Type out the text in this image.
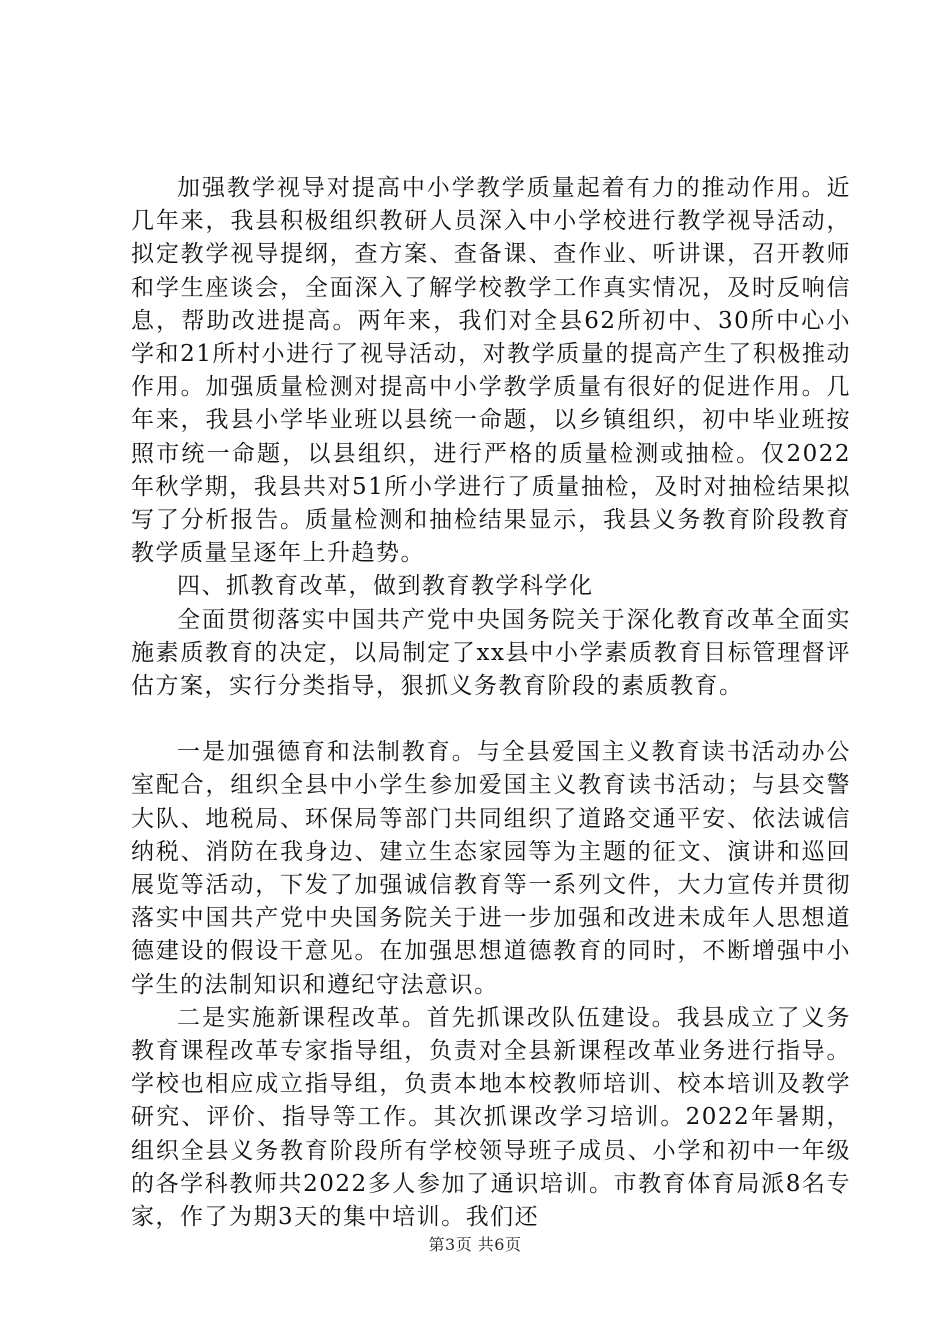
加强教学视导对提高中小学教学质量起着有力的推动作用。近几年来，我县积极组织教研人员深入中小学校进行教学视导活动，拟定教学视导提纲，查方案、查备课、查作业、听讲课，召开教师和学生座谈会，全面深入了解学校教学工作真实情况，及时反响信息，帮助改进提高。两年来，我们对全县62所初中、30所中心小学和21所村小进行了视导活动，对教学质量的提高产生了积极推动作用。加强质量检测对提高中小学教学质量有很好的促进作用。几年来，我县小学毕业班以县统一命题，以乡镇组织，初中毕业班按照市统一命题，以县组织，进行严格的质量检测或抽检。仅2022年秋学期，我县共对51所小学进行了质量抽检，及时对抽检结果拟写了分析报告。质量检测和抽检结果显示，我县义务教育阶段教育教学质量呈逐年上升趋势。

四、抓教育改革，做到教育教学科学化

全面贯彻落实中国共产党中央国务院关于深化教育改革全面实施素质教育的决定，以局制定了xx县中小学素质教育目标管理督评估方案，实行分类指导，狠抓义务教育阶段的素质教育。

一是加强德育和法制教育。与全县爱国主义教育读书活动办公室配合，组织全县中小学生参加爱国主义教育读书活动；与县交警大队、地税局、环保局等部门共同组织了道路交通平安、依法诚信纳税、消防在我身边、建立生态家园等为主题的征文、演讲和巡回展览等活动，下发了加强诚信教育等一系列文件，大力宣传并贯彻落实中国共产党中央国务院关于进一步加强和改进未成年人思想道德建设的假设干意见。在加强思想道德教育的同时，不断增强中小学生的法制知识和遵纪守法意识。

二是实施新课程改革。首先抓课改队伍建设。我县成立了义务教育课程改革专家指导组，负责对全县新课程改革业务进行指导。学校也相应成立指导组，负责本地本校教师培训、校本培训及教学研究、评价、指导等工作。其次抓课改学习培训。2022年暑期，组织全县义务教育阶段所有学校领导班子成员、小学和初中一年级的各学科教师共2022多人参加了通识培训。市教育体育局派8名专家，作了为期3天的集中培训。我们还

第3页 共6页
